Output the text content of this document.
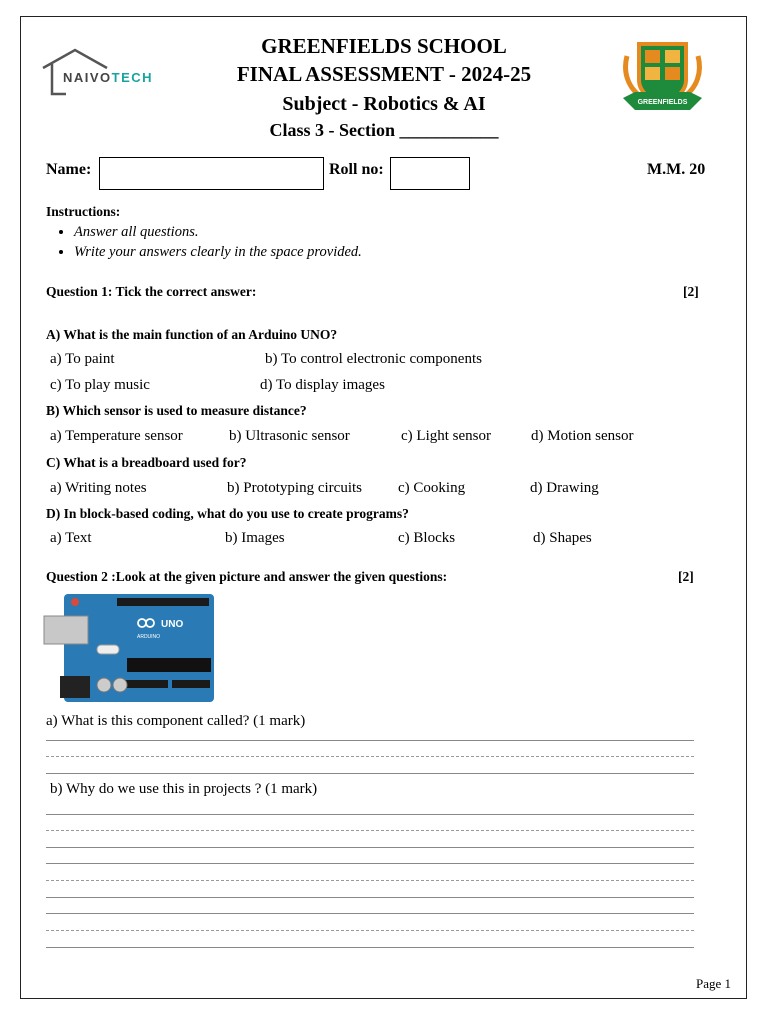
NAIVOTECH
GREENFIELDS SCHOOL
FINAL ASSESSMENT - 2024-25
Subject - Robotics & AI
Class 3 - Section ___________
GREENFIELDS
Name:	Roll no:	M.M. 20
Instructions:
• Answer all questions.
• Write your answers clearly in the space provided.
Question 1: Tick the correct answer:	[2]
A) What is the main function of an Arduino UNO?
a) To paint	b) To control electronic components
c) To play music	d) To display images
B) Which sensor is used to measure distance?
a) Temperature sensor	b) Ultrasonic sensor	c) Light sensor	d) Motion sensor
C) What is a breadboard used for?
a) Writing notes	b) Prototyping circuits c) Cooking	d) Drawing
D) In block-based coding, what do you use to create programs?
a) Text	b) Images	c) Blocks	d) Shapes
Question 2 :Look at the given picture and answer the given questions:	[2]
UNO
ARDUINO
a) What is this component called? (1 mark)
b) Why do we use this in projects ? (1 mark)
Page 1
